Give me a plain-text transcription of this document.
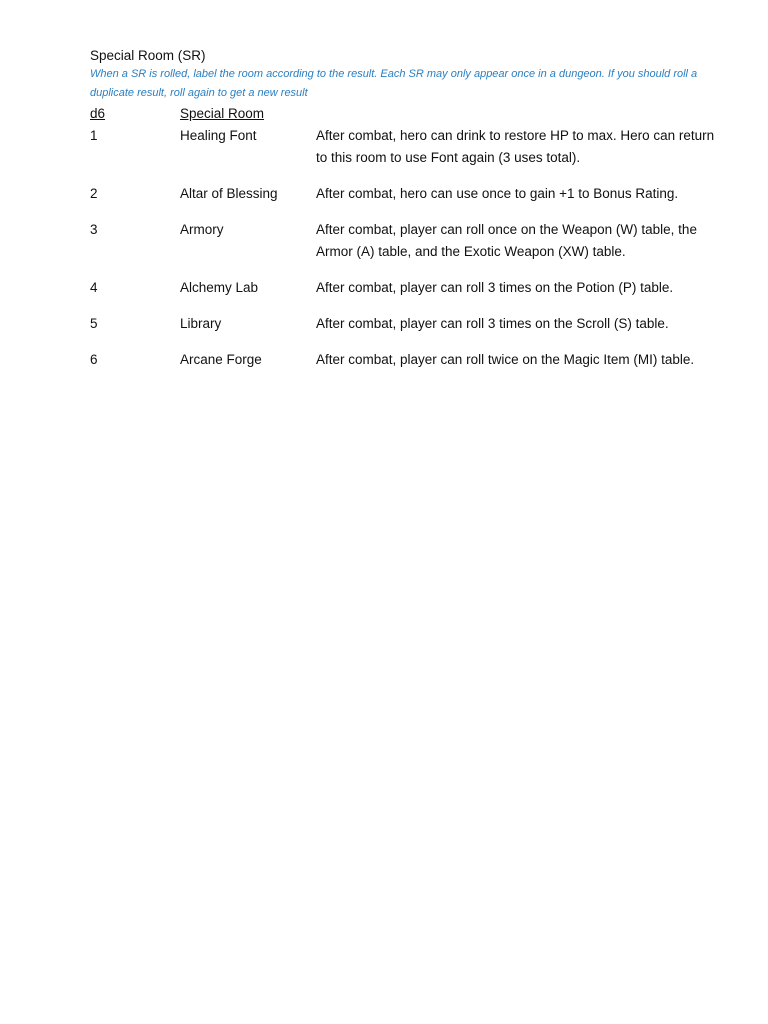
Special Room (SR)

When a SR is rolled, label the room according to the result. Each SR may only appear once in a dungeon. If you should roll a duplicate result, roll again to get a new result

d6	Special Room
1	Healing Font	After combat, hero can drink to restore HP to max. Hero can return to this room to use Font again (3 uses total).
2	Altar of Blessing	After combat, hero can use once to gain +1 to Bonus Rating.
3	Armory	After combat, player can roll once on the Weapon (W) table, the Armor (A) table, and the Exotic Weapon (XW) table.
4	Alchemy Lab	After combat, player can roll 3 times on the Potion (P) table.
5	Library	After combat, player can roll 3 times on the Scroll (S) table.
6	Arcane Forge	After combat, player can roll twice on the Magic Item (MI) table.
